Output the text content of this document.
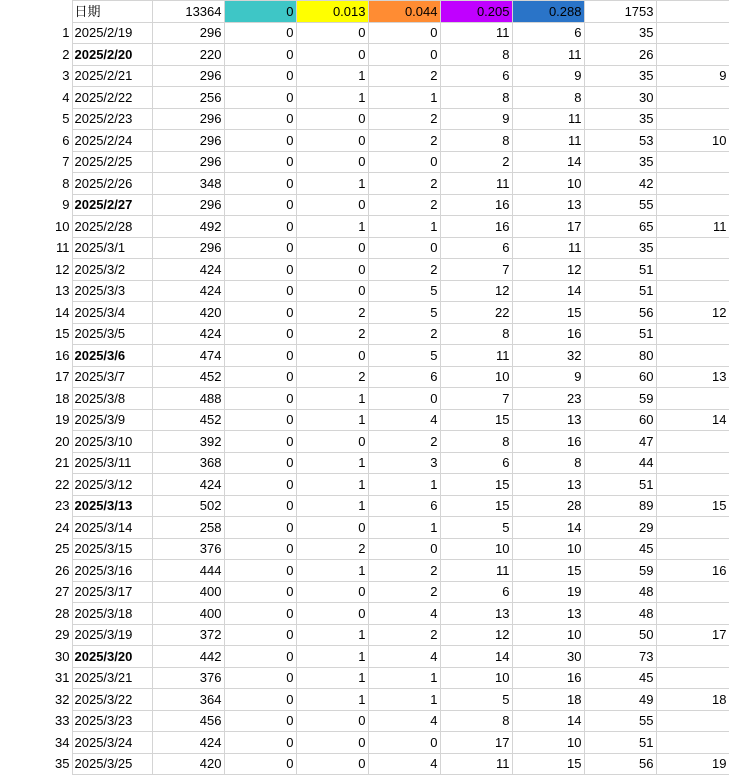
	日期	13364	0	0.013	0.044	0.205	0.288	1753	
1	2025/2/19	296	0	0	0	11	6	35	
2	2025/2/20	220	0	0	0	8	11	26	
3	2025/2/21	296	0	1	2	6	9	35	9
4	2025/2/22	256	0	1	1	8	8	30	
5	2025/2/23	296	0	0	2	9	11	35	
6	2025/2/24	296	0	0	2	8	11	53	10
7	2025/2/25	296	0	0	0	2	14	35	
8	2025/2/26	348	0	1	2	11	10	42	
9	2025/2/27	296	0	0	2	16	13	55	
10	2025/2/28	492	0	1	1	16	17	65	11
11	2025/3/1	296	0	0	0	6	11	35	
12	2025/3/2	424	0	0	2	7	12	51	
13	2025/3/3	424	0	0	5	12	14	51	
14	2025/3/4	420	0	2	5	22	15	56	12
15	2025/3/5	424	0	2	2	8	16	51	
16	2025/3/6	474	0	0	5	11	32	80	
17	2025/3/7	452	0	2	6	10	9	60	13
18	2025/3/8	488	0	1	0	7	23	59	
19	2025/3/9	452	0	1	4	15	13	60	14
20	2025/3/10	392	0	0	2	8	16	47	
21	2025/3/11	368	0	1	3	6	8	44	
22	2025/3/12	424	0	1	1	15	13	51	
23	2025/3/13	502	0	1	6	15	28	89	15
24	2025/3/14	258	0	0	1	5	14	29	
25	2025/3/15	376	0	2	0	10	10	45	
26	2025/3/16	444	0	1	2	11	15	59	16
27	2025/3/17	400	0	0	2	6	19	48	
28	2025/3/18	400	0	0	4	13	13	48	
29	2025/3/19	372	0	1	2	12	10	50	17
30	2025/3/20	442	0	1	4	14	30	73	
31	2025/3/21	376	0	1	1	10	16	45	
32	2025/3/22	364	0	1	1	5	18	49	18
33	2025/3/23	456	0	0	4	8	14	55	
34	2025/3/24	424	0	0	0	17	10	51	
35	2025/3/25	420	0	0	4	11	15	56	19
